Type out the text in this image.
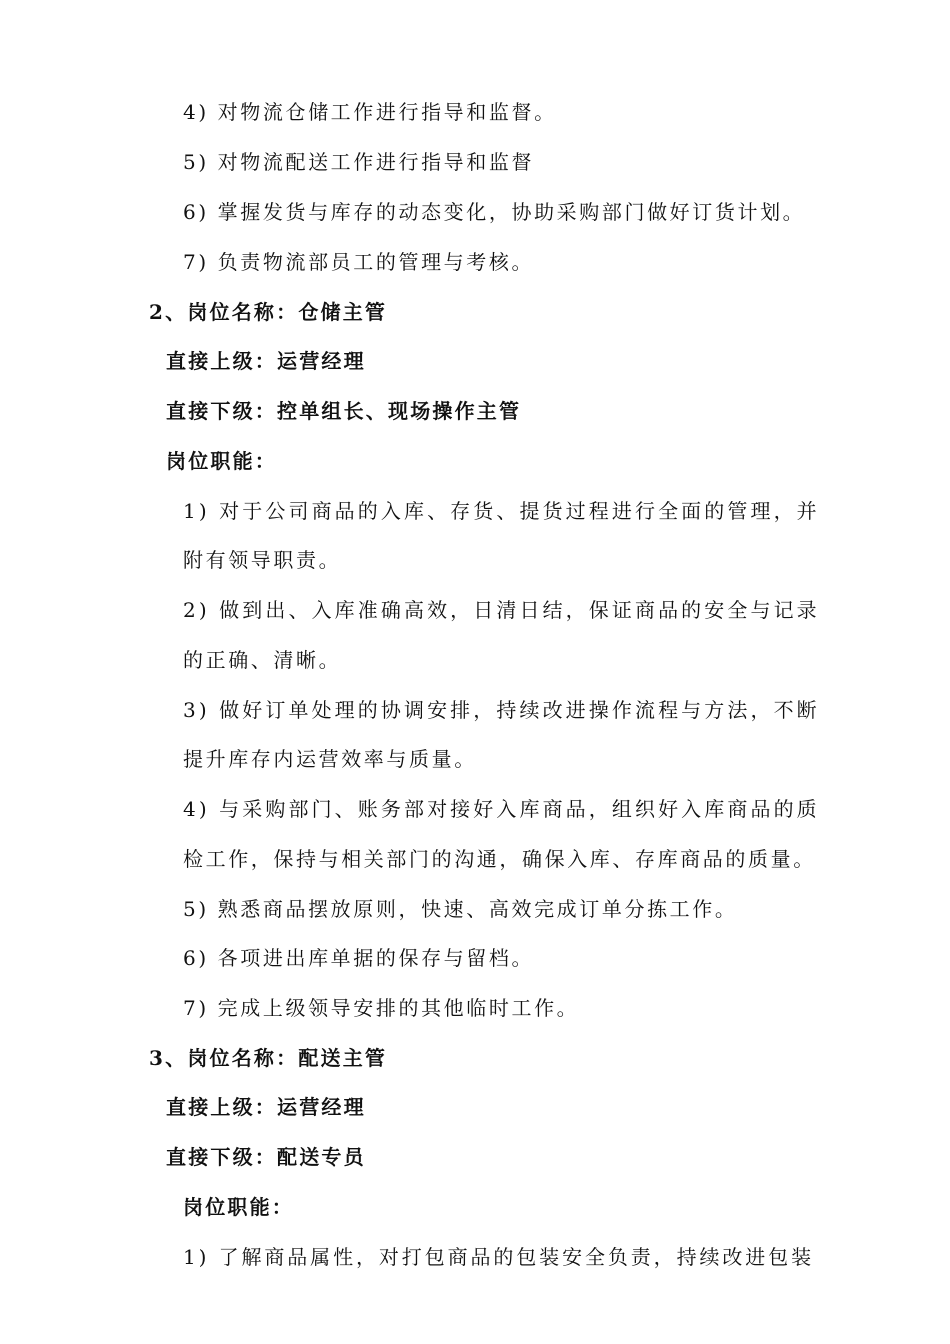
4) 对物流仓储工作进行指导和监督。
5) 对物流配送工作进行指导和监督
6) 掌握发货与库存的动态变化，协助采购部门做好订货计划。
7) 负责物流部员工的管理与考核。
2、岗位名称：仓储主管
直接上级：运营经理
直接下级：控单组长、现场操作主管
岗位职能：
1) 对于公司商品的入库、存货、提货过程进行全面的管理，并
附有领导职责。
2) 做到出、入库准确高效，日清日结，保证商品的安全与记录
的正确、清晰。
3) 做好订单处理的协调安排，持续改进操作流程与方法，不断
提升库存内运营效率与质量。
4) 与采购部门、账务部对接好入库商品，组织好入库商品的质
检工作，保持与相关部门的沟通，确保入库、存库商品的质量。
5) 熟悉商品摆放原则，快速、高效完成订单分拣工作。
6) 各项进出库单据的保存与留档。
7) 完成上级领导安排的其他临时工作。
3、岗位名称：配送主管
直接上级：运营经理
直接下级：配送专员
岗位职能：
1) 了解商品属性，对打包商品的包装安全负责，持续改进包装
